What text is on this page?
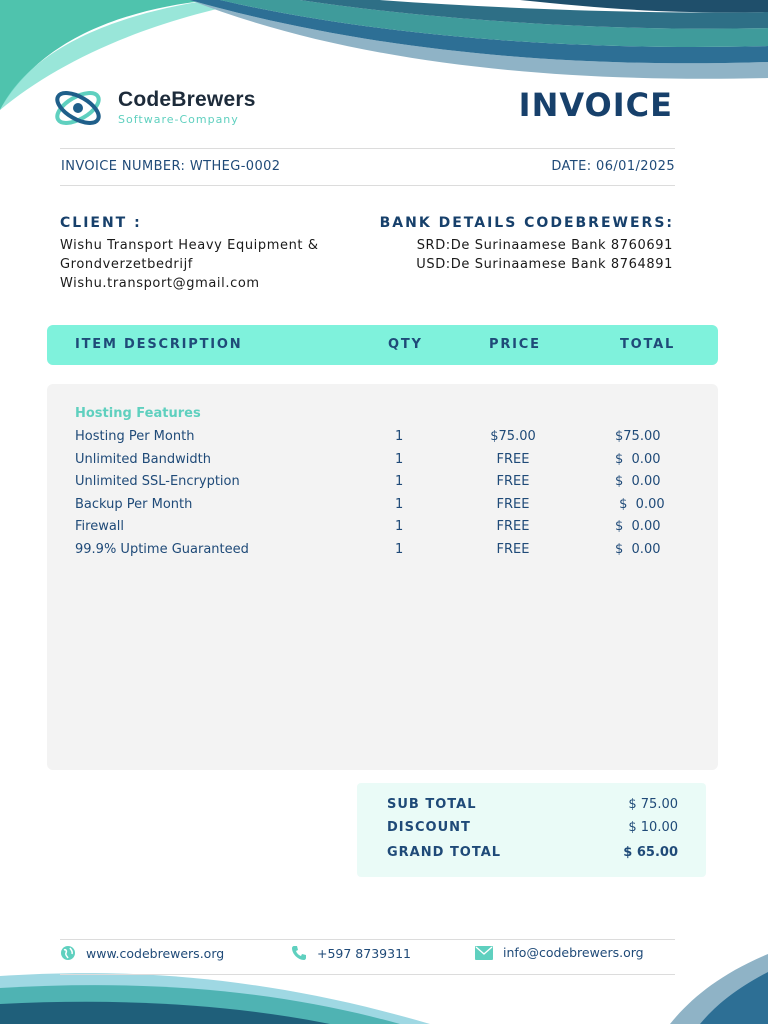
CodeBrewers
Software-Company	INVOICE
INVOICE NUMBER: WTHEG-0002	DATE: 06/01/2025
CLIENT :
Wishu Transport Heavy Equipment &
Grondverzetbedrijf
Wishu.transport@gmail.com
BANK DETAILS CODEBREWERS:
SRD:De Surinaamese Bank 8760691
USD:De Surinaamese Bank 8764891
ITEM DESCRIPTION	QTY	PRICE	TOTAL
Hosting Features
Hosting Per Month	1	$75.00	$75.00
Unlimited Bandwidth	1	FREE	$  0.00
Unlimited SSL-Encryption	1	FREE	$  0.00
Backup Per Month	1	FREE	$  0.00
Firewall	1	FREE	$  0.00
99.9% Uptime Guaranteed	1	FREE	$  0.00
SUB TOTAL	$ 75.00
DISCOUNT	$ 10.00
GRAND TOTAL	$ 65.00
www.codebrewers.org	+597 8739311	info@codebrewers.org
